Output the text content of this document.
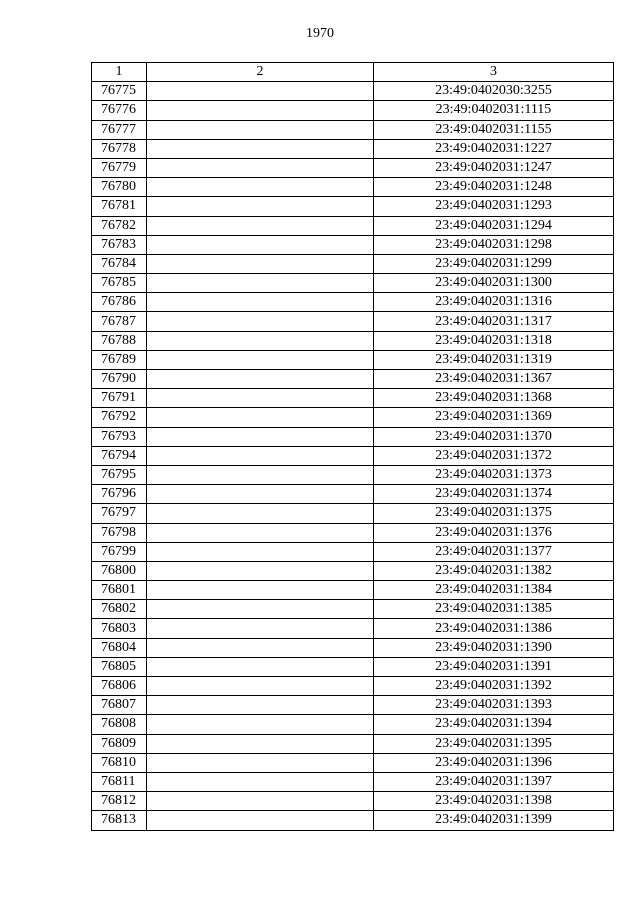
1970
1	2	3
76775		23:49:0402030:3255
76776		23:49:0402031:1115
76777		23:49:0402031:1155
76778		23:49:0402031:1227
76779		23:49:0402031:1247
76780		23:49:0402031:1248
76781		23:49:0402031:1293
76782		23:49:0402031:1294
76783		23:49:0402031:1298
76784		23:49:0402031:1299
76785		23:49:0402031:1300
76786		23:49:0402031:1316
76787		23:49:0402031:1317
76788		23:49:0402031:1318
76789		23:49:0402031:1319
76790		23:49:0402031:1367
76791		23:49:0402031:1368
76792		23:49:0402031:1369
76793		23:49:0402031:1370
76794		23:49:0402031:1372
76795		23:49:0402031:1373
76796		23:49:0402031:1374
76797		23:49:0402031:1375
76798		23:49:0402031:1376
76799		23:49:0402031:1377
76800		23:49:0402031:1382
76801		23:49:0402031:1384
76802		23:49:0402031:1385
76803		23:49:0402031:1386
76804		23:49:0402031:1390
76805		23:49:0402031:1391
76806		23:49:0402031:1392
76807		23:49:0402031:1393
76808		23:49:0402031:1394
76809		23:49:0402031:1395
76810		23:49:0402031:1396
76811		23:49:0402031:1397
76812		23:49:0402031:1398
76813		23:49:0402031:1399
